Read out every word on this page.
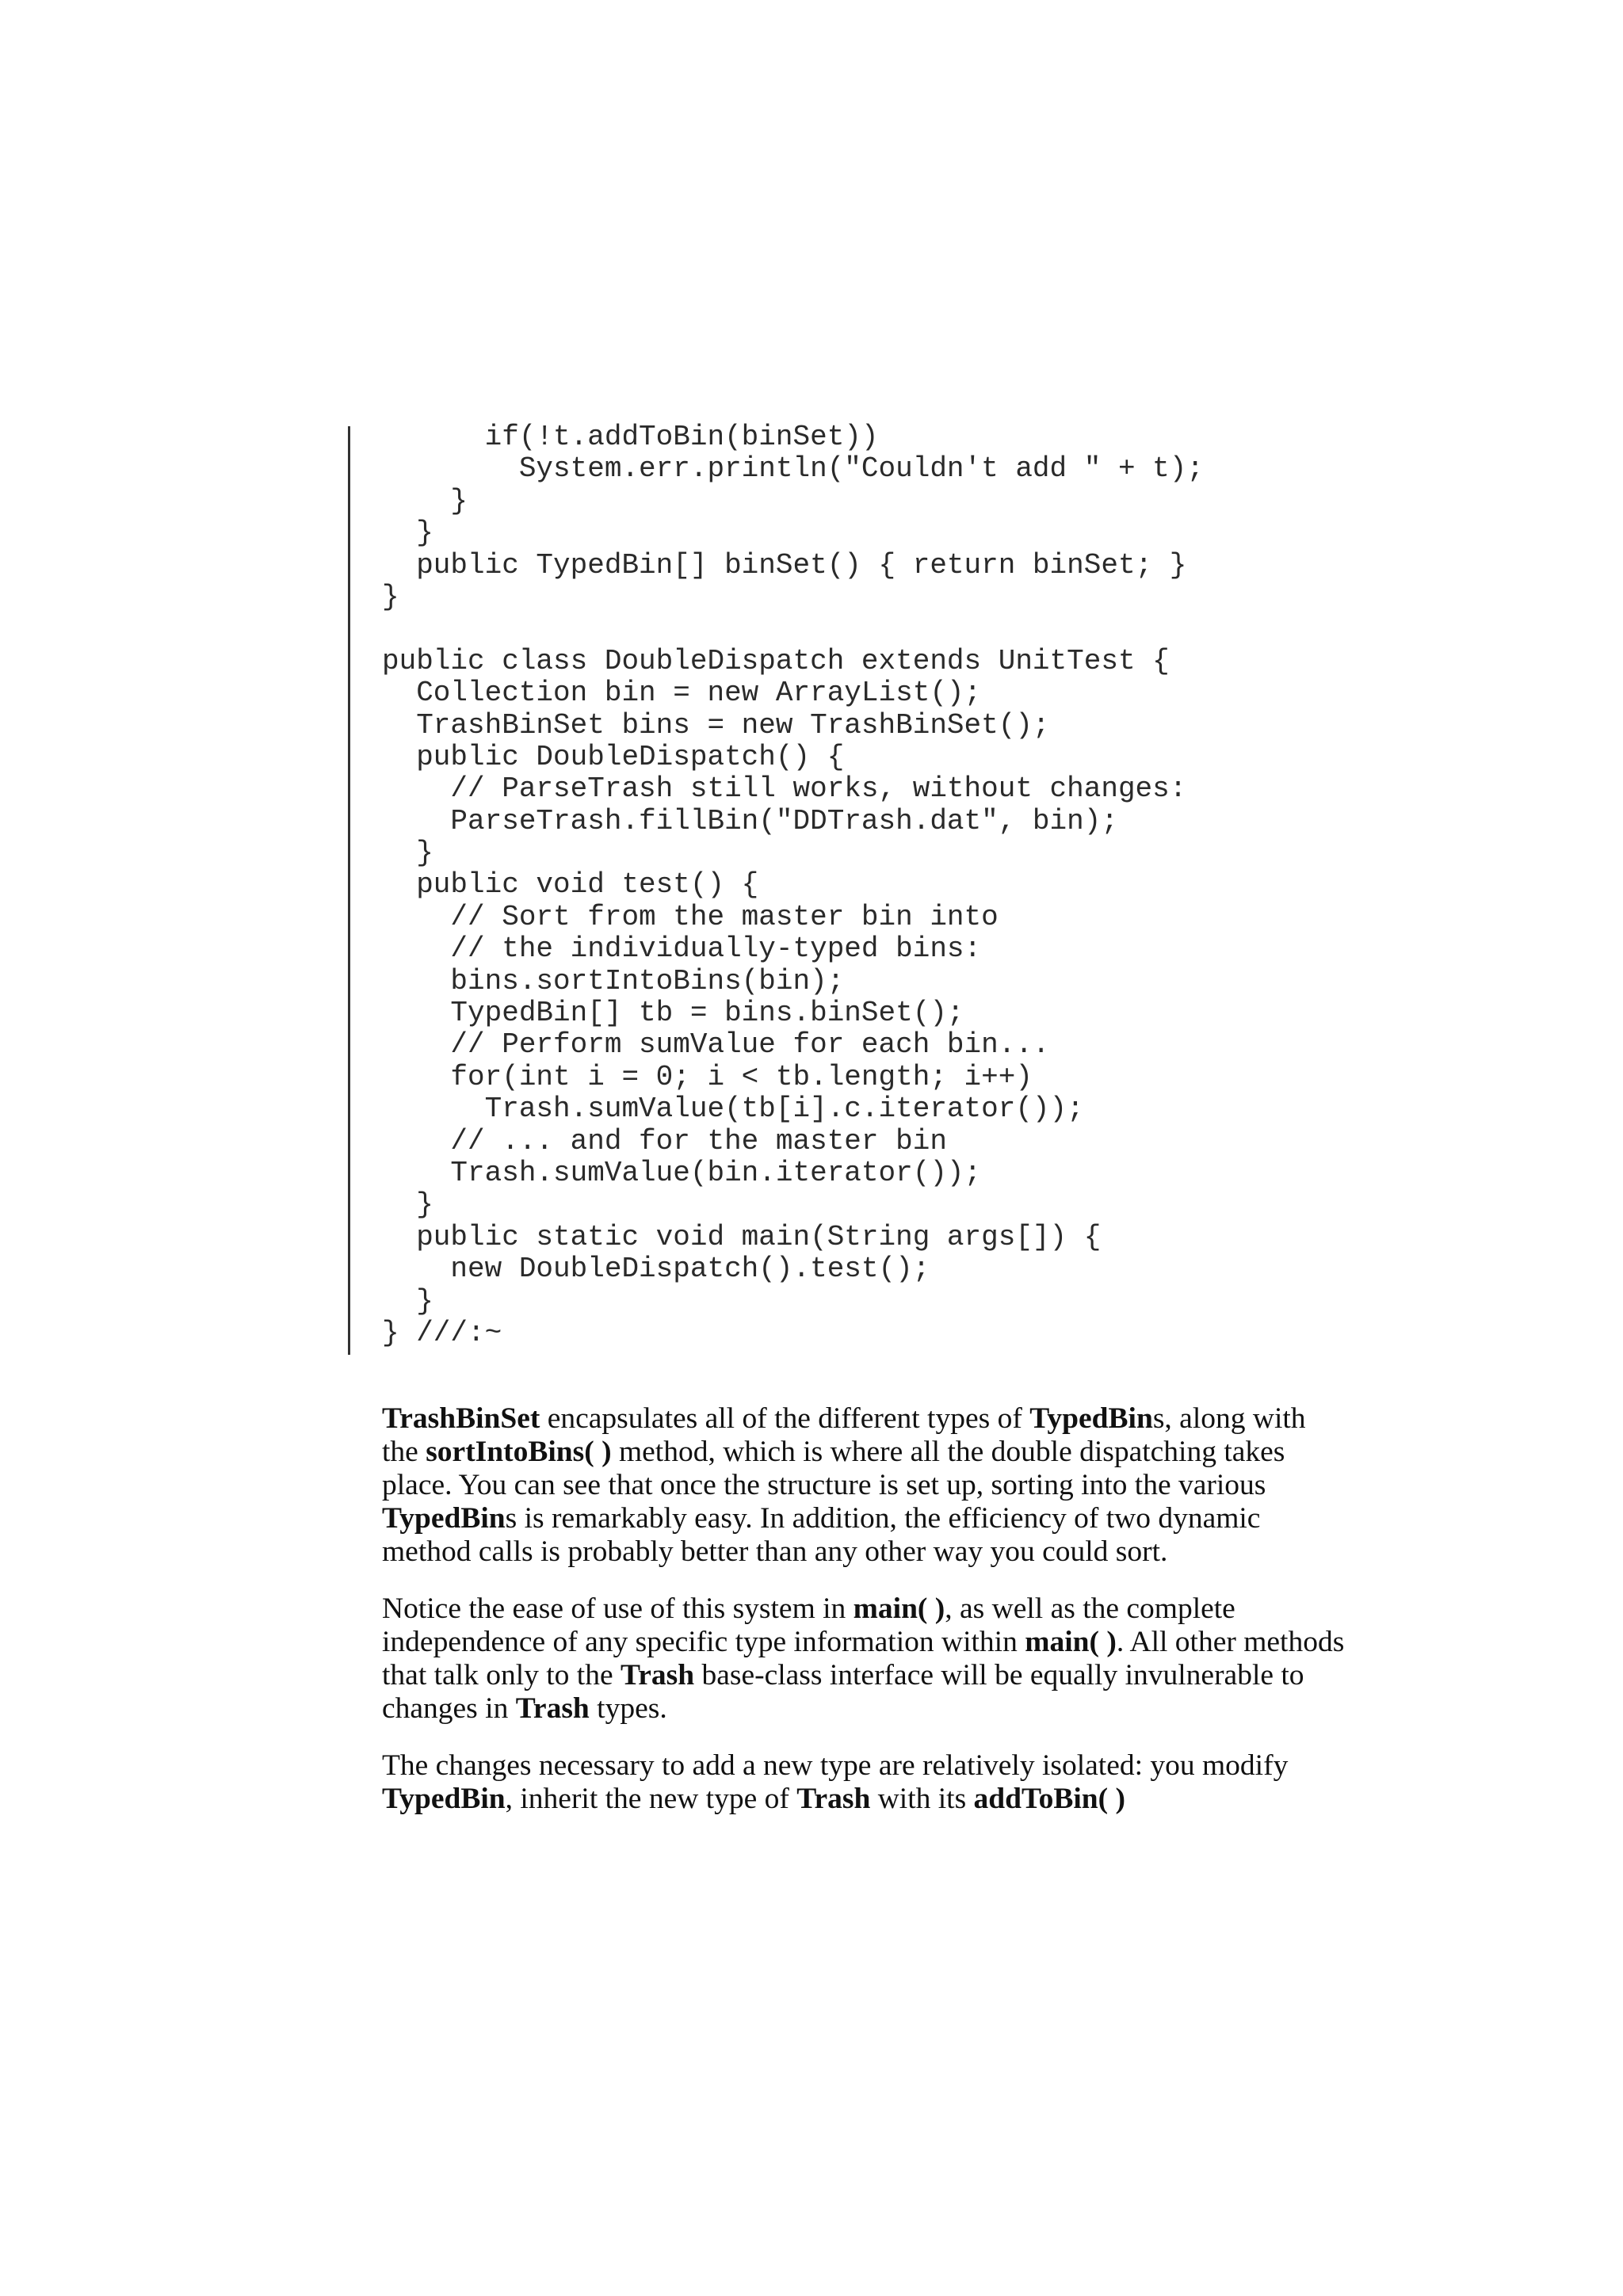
if(!t.addToBin(binSet))
System.err.println("Couldn't add " + t);
}
}
public TypedBin[] binSet() { return binSet; }
}
public class DoubleDispatch extends UnitTest {
Collection bin = new ArrayList();
TrashBinSet bins = new TrashBinSet();
public DoubleDispatch() {
// ParseTrash still works, without changes:
ParseTrash.fillBin("DDTrash.dat", bin);
}
public void test() {
// Sort from the master bin into
// the individually-typed bins:
bins.sortIntoBins(bin);
TypedBin[] tb = bins.binSet();
// Perform sumValue for each bin...
for(int i = 0; i < tb.length; i++)
Trash.sumValue(tb[i].c.iterator());
// ... and for the master bin
Trash.sumValue(bin.iterator());
}
public static void main(String args[]) {
new DoubleDispatch().test();
}
} ///:~

TrashBinSet encapsulates all of the different types of TypedBins, along with the sortIntoBins( ) method, which is where all the double dispatching takes place. You can see that once the structure is set up, sorting into the various TypedBins is remarkably easy. In addition, the efficiency of two dynamic method calls is probably better than any other way you could sort.

Notice the ease of use of this system in main( ), as well as the complete independence of any specific type information within main( ). All other methods that talk only to the Trash base-class interface will be equally invulnerable to changes in Trash types.

The changes necessary to add a new type are relatively isolated: you modify TypedBin, inherit the new type of Trash with its addToBin( )
